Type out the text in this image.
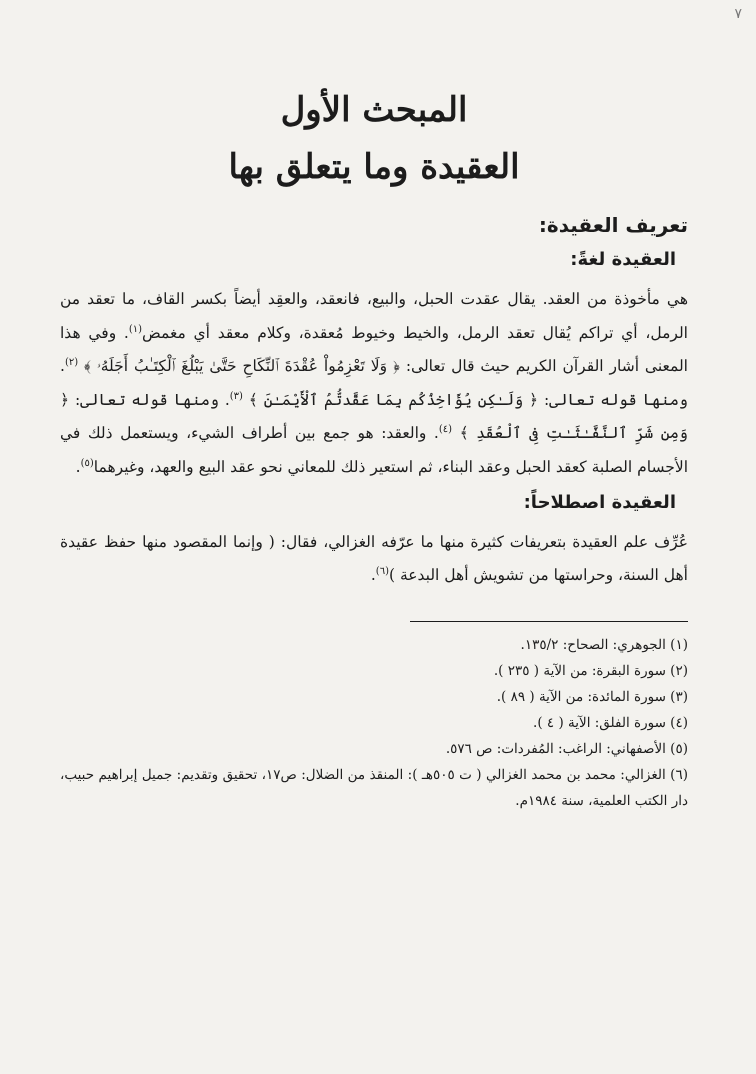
٧
المبحث الأول
العقيدة وما يتعلق بها
تعريف العقيدة:
العقيدة لغةً:

هي مأخوذة من العقد. يقال عقدت الحبل، والبيع، فانعقد، والعقِد أيضاً بكسر القاف، ما تعقد من الرمل، أي تراكم يُقال تعقد الرمل، والخيط وخيوط مُعقدة، وكلام معقد أي مغمض$^{(١)}$. وفي هذا المعنى أشار القرآن الكريم حيث قال تعالى: ﴿ وَلَا تَعْزِمُواْ عُقْدَةَ ٱلنِّكَاحِ حَتَّىٰ يَبْلُغَ ٱلْكِتَـٰبُ أَجَلَهُۥ ﴾ $^{(٢)}$. ومنها قوله تعالى: ﴿ وَلَـٰكِن يُؤَاخِذُكُم بِمَا عَقَّدتُّمُ ٱلْأَيْمَـٰنَ ﴾ $^{(٣)}$. ومنها قوله تعالى: ﴿ وَمِن شَرِّ ٱلنَّفَّـٰثَـٰتِ فِى ٱلْعُقَدِ ﴾ $^{(٤)}$. والعقد: هو جمع بين أطراف الشيء، ويستعمل ذلك في الأجسام الصلبة كعقد الحبل وعقد البناء، ثم استعير ذلك للمعاني نحو عقد البيع والعهد، وغيرهما$^{(٥)}$.

العقيدة اصطلاحاً:

عُرِّف علم العقيدة بتعريفات كثيرة منها ما عرّفه الغزالي، فقال: ( وإنما المقصود منها حفظ عقيدة أهل السنة، وحراستها من تشويش أهل البدعة )$^{(٦)}$.

(١) الجوهري: الصحاح: ١٣٥/٢.
(٢) سورة البقرة: من الآية ( ٢٣٥ ).
(٣) سورة المائدة: من الآية ( ٨٩ ).
(٤) سورة الفلق: الآية ( ٤ ).
(٥) الأصفهاني: الراغب: المُفردات: ص ٥٧٦.
(٦) الغزالي: محمد بن محمد الغزالي ( ت ٥٠٥هـ ): المنقذ من الضلال: ص١٧، تحقيق وتقديم: جميل إبراهيم حبيب، دار الكتب العلمية، سنة ١٩٨٤م.
